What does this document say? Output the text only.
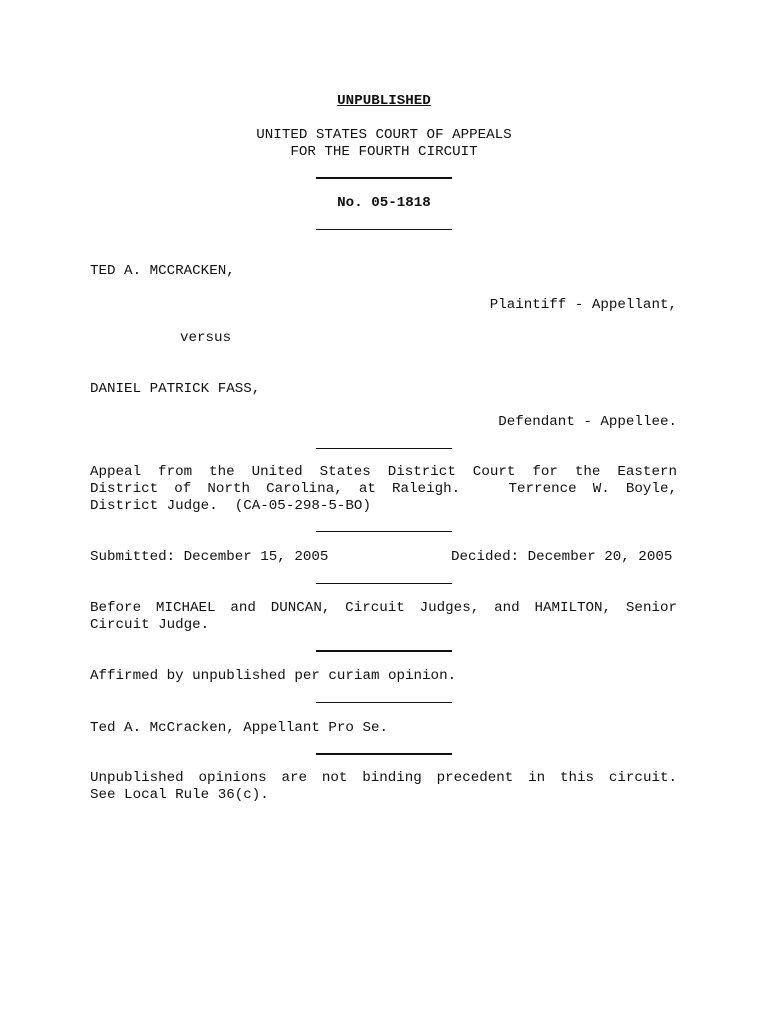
UNPUBLISHED
UNITED STATES COURT OF APPEALS
FOR THE FOURTH CIRCUIT
No. 05-1818
TED A. MCCRACKEN,
Plaintiff - Appellant,
versus
DANIEL PATRICK FASS,
Defendant - Appellee.
Appeal from the United States District Court for the Eastern
District of North Carolina, at Raleigh.   Terrence W. Boyle,
District Judge.  (CA-05-298-5-BO)
Submitted: December 15, 2005	Decided: December 20, 2005
Before MICHAEL and DUNCAN, Circuit Judges, and HAMILTON, Senior
Circuit Judge.
Affirmed by unpublished per curiam opinion.
Ted A. McCracken, Appellant Pro Se.
Unpublished opinions are not binding precedent in this circuit.
See Local Rule 36(c).
